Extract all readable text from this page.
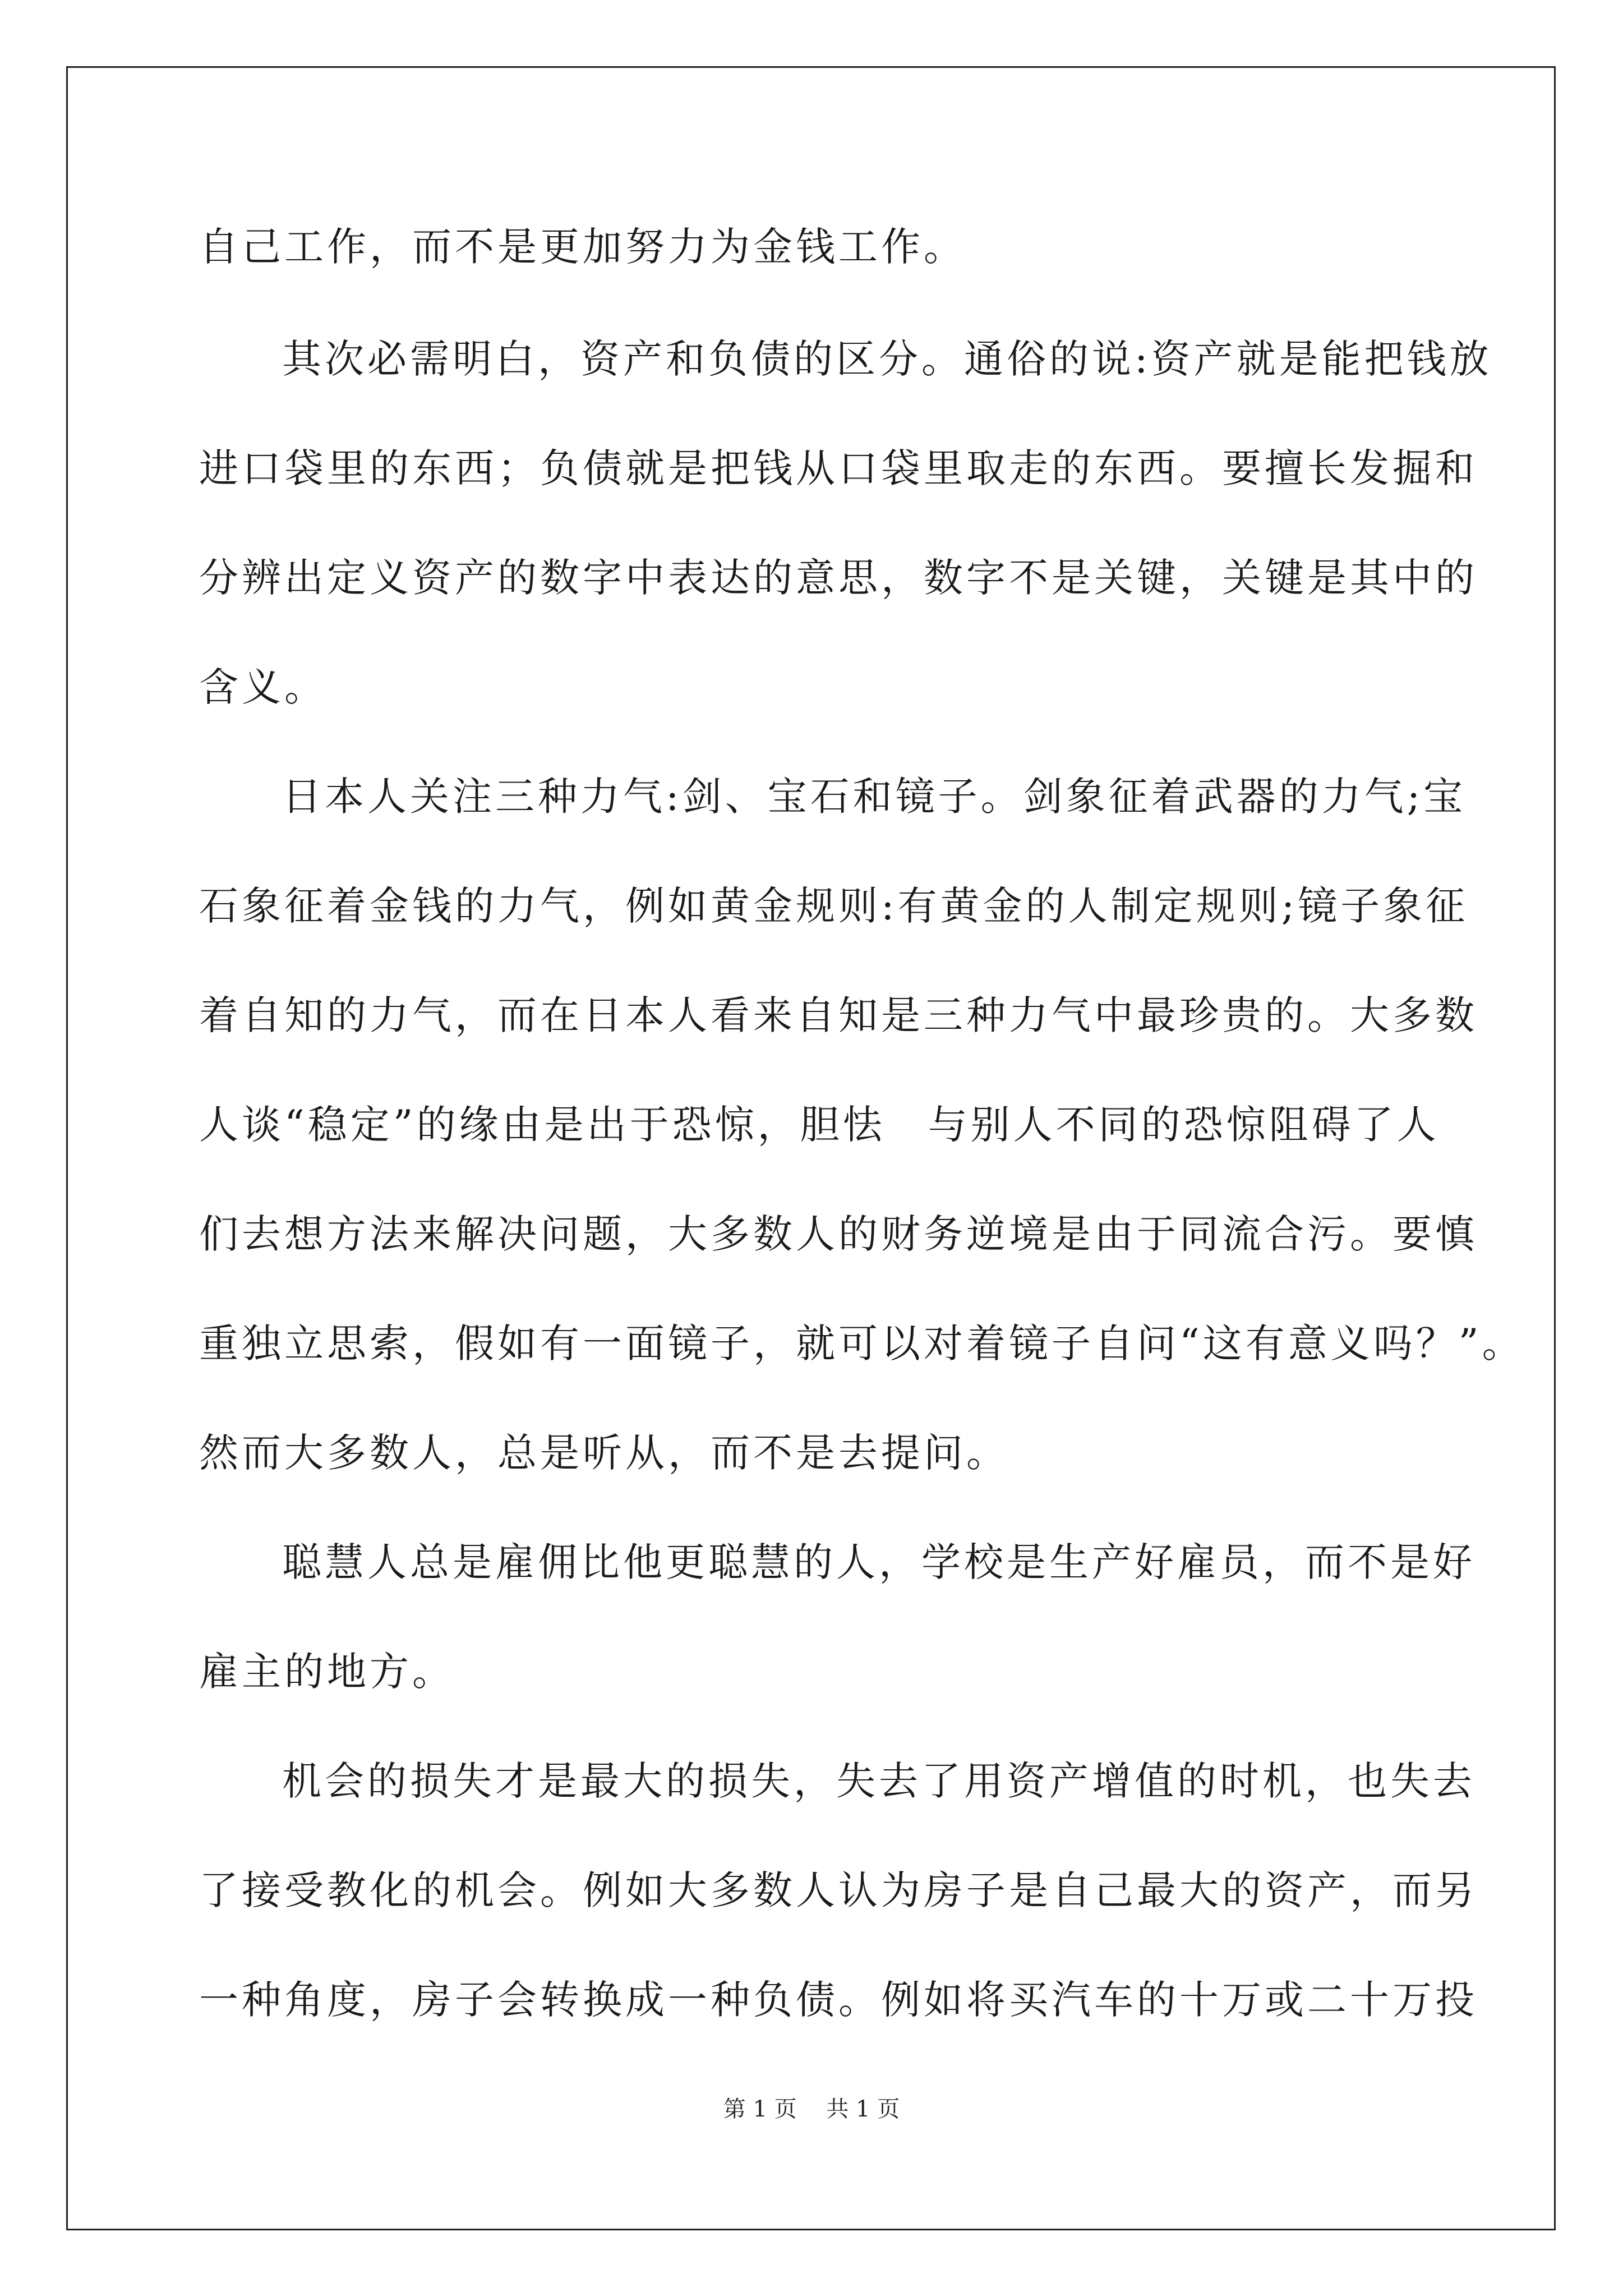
自己工作，而不是更加努力为金钱工作。
其次必需明白，资产和负债的区分。通俗的说:资产就是能把钱放
进口袋里的东西；负债就是把钱从口袋里取走的东西。要擅长发掘和
分辨出定义资产的数字中表达的意思，数字不是关键，关键是其中的
含义。
日本人关注三种力气:剑、宝石和镜子。剑象征着武器的力气;宝
石象征着金钱的力气，例如黄金规则:有黄金的人制定规则;镜子象征
着自知的力气，而在日本人看来自知是三种力气中最珍贵的。大多数
人谈“稳定”的缘由是出于恐惊，胆怯　与别人不同的恐惊阻碍了人
们去想方法来解决问题，大多数人的财务逆境是由于同流合污。要慎
重独立思索，假如有一面镜子，就可以对着镜子自问“这有意义吗？”。
然而大多数人，总是听从，而不是去提问。
聪慧人总是雇佣比他更聪慧的人，学校是生产好雇员，而不是好
雇主的地方。
机会的损失才是最大的损失，失去了用资产增值的时机，也失去
了接受教化的机会。例如大多数人认为房子是自己最大的资产，而另
一种角度，房子会转换成一种负债。例如将买汽车的十万或二十万投
第 1 页　 共 1 页
